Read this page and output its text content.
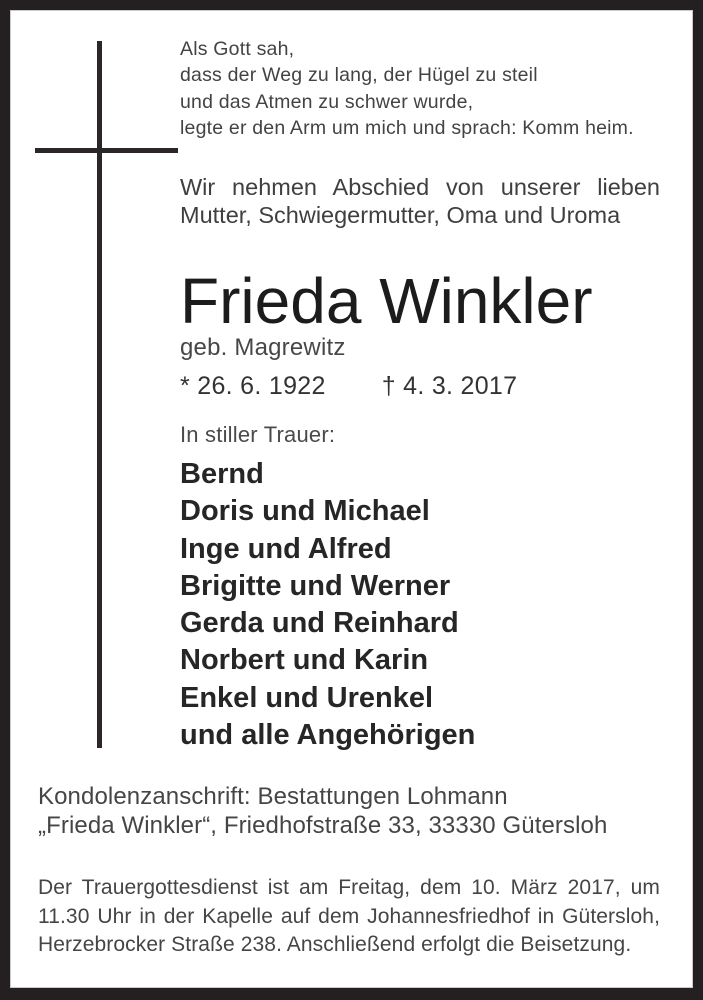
Als Gott sah,
dass der Weg zu lang, der Hügel zu steil
und das Atmen zu schwer wurde,
legte er den Arm um mich und sprach: Komm heim.
Wir nehmen Abschied von unserer lieben
Mutter, Schwiegermutter, Oma und Uroma
Frieda Winkler
geb. Magrewitz
* 26. 6. 1922 † 4. 3. 2017
In stiller Trauer:
Bernd
Doris und Michael
Inge und Alfred
Brigitte und Werner
Gerda und Reinhard
Norbert und Karin
Enkel und Urenkel
und alle Angehörigen
Kondolenzanschrift: Bestattungen Lohmann
„Frieda Winkler“, Friedhofstraße 33, 33330 Gütersloh
Der Trauergottesdienst ist am Freitag, dem 10. März 2017, um
11.30 Uhr in der Kapelle auf dem Johannesfriedhof in Gütersloh,
Herzebrocker Straße 238. Anschließend erfolgt die Beisetzung.
